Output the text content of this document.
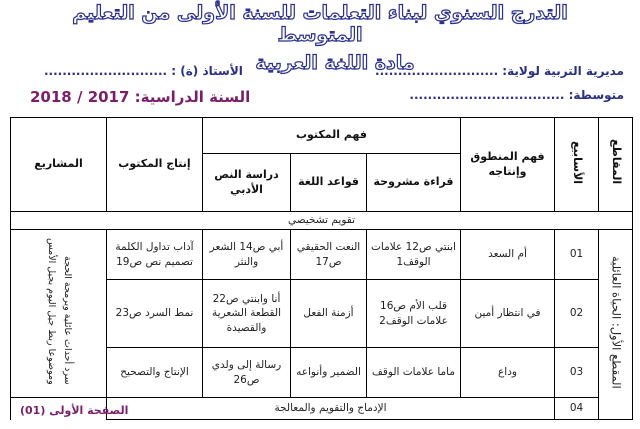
التدرج السنوي لبناء التعلمات للسنة الأولى من التعليم المتوسط
مادة اللغة العربية
مديرية التربية لولاية: ...........................
متوسطة: ..................................
الأستاذ (ة) : ...........................
السنة الدراسية: 2017 / 2018
المقاطع	الأسابيع	فهم المنطوق وإنتاجه	فهم المكتوب			إنتاج المكتوب	المشاريع
			قراءة مشروحة	قواعد اللغة	دراسة النص الأدبي		
تقويم تشخيصي							
المقطع الأول: الحياة العائلية	01	أم السعد	ابنتي ص12 علامات الوقف1	النعت الحقيقي ص17	أبي ص14 الشعر والنثر	آداب تداول الكلمة تصميم نص ص19	سرد أحداث عائلية وبرمجة الحجة وموضوعا ربط جيل اليوم بجيل الأمس
	02	في انتظار أمين	قلب الأم ص16 علامات الوقف2	أزمنة الفعل	أنا وابنتي ص22 القطعة الشعرية والقصيدة	نمط السرد ص23	
	03	وداع	ماما علامات الوقف	الضمير وأنواعه	رسالة إلى ولدي ص26	الإنتاج والتصحيح	
	04	الإدماج والتقويم والمعالجة					
الصفحة الأولى (01)
